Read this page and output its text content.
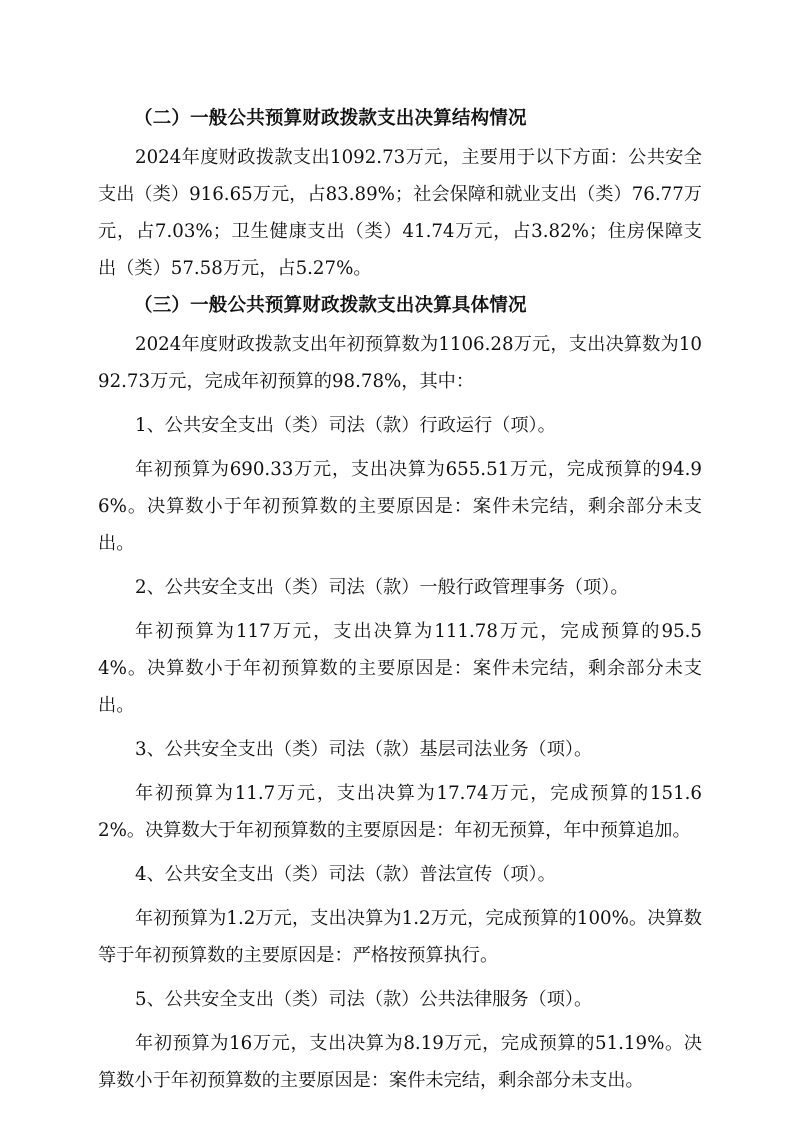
（二）一般公共预算财政拨款支出决算结构情况

2024年度财政拨款支出1092.73万元，主要用于以下方面：公共安全支出（类）916.65万元，占83.89%；社会保障和就业支出（类）76.77万元，占7.03%；卫生健康支出（类）41.74万元，占3.82%；住房保障支出（类）57.58万元，占5.27%。

（三）一般公共预算财政拨款支出决算具体情况

2024年度财政拨款支出年初预算数为1106.28万元，支出决算数为1092.73万元，完成年初预算的98.78%，其中：

1、公共安全支出（类）司法（款）行政运行（项）。

年初预算为690.33万元，支出决算为655.51万元，完成预算的94.96%。决算数小于年初预算数的主要原因是：案件未完结，剩余部分未支出。

2、公共安全支出（类）司法（款）一般行政管理事务（项）。

年初预算为117万元，支出决算为111.78万元，完成预算的95.54%。决算数小于年初预算数的主要原因是：案件未完结，剩余部分未支出。

3、公共安全支出（类）司法（款）基层司法业务（项）。

年初预算为11.7万元，支出决算为17.74万元，完成预算的151.62%。决算数大于年初预算数的主要原因是：年初无预算，年中预算追加。

4、公共安全支出（类）司法（款）普法宣传（项）。

年初预算为1.2万元，支出决算为1.2万元，完成预算的100%。决算数等于年初预算数的主要原因是：严格按预算执行。

5、公共安全支出（类）司法（款）公共法律服务（项）。

年初预算为16万元，支出决算为8.19万元，完成预算的51.19%。决算数小于年初预算数的主要原因是：案件未完结，剩余部分未支出。
